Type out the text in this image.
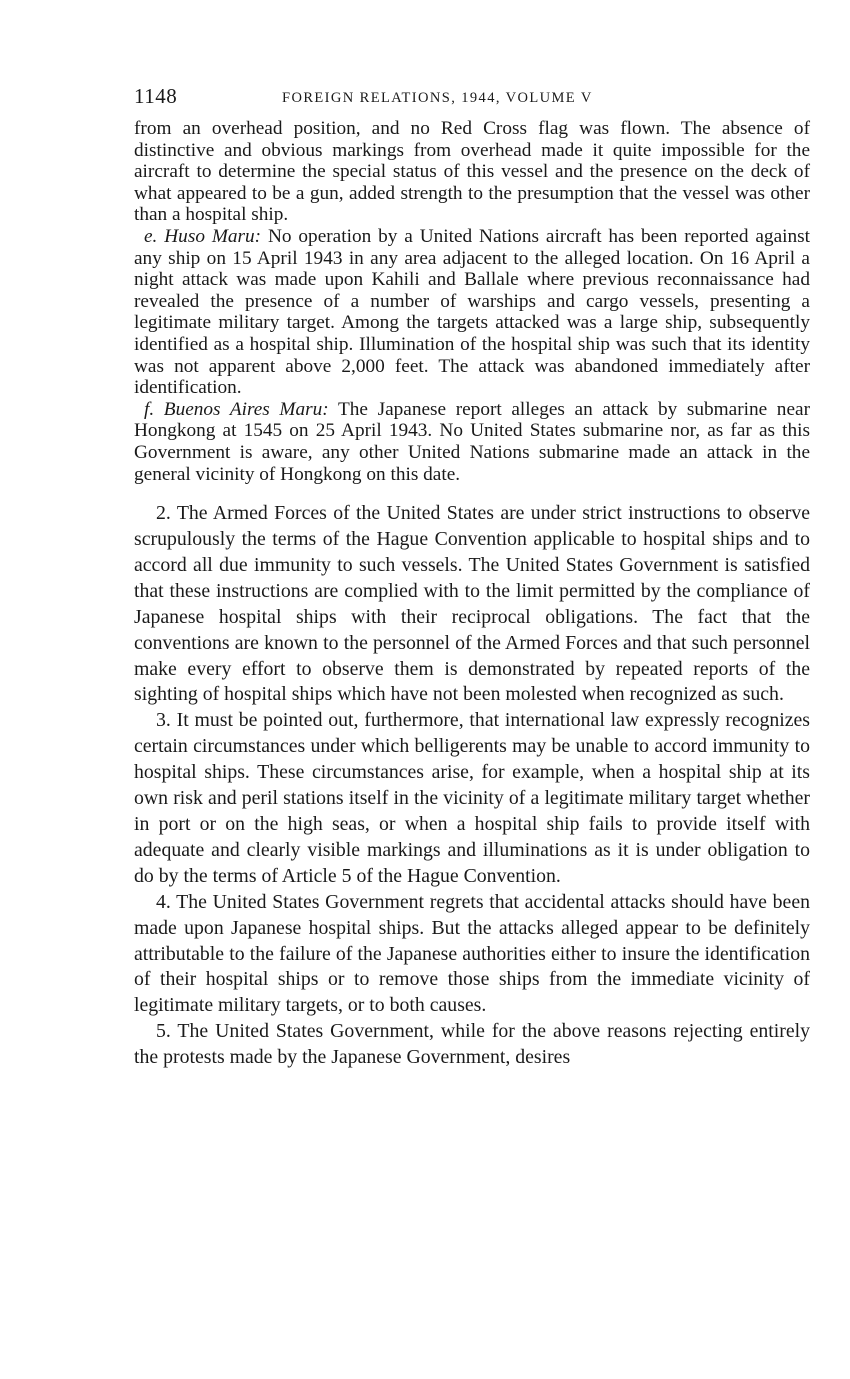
1148	FOREIGN RELATIONS, 1944, VOLUME V

from an overhead position, and no Red Cross flag was flown. The absence of distinctive and obvious markings from overhead made it quite impossible for the aircraft to determine the special status of this vessel and the presence on the deck of what appeared to be a gun, added strength to the presumption that the vessel was other than a hospital ship.

e. Huso Maru: No operation by a United Nations aircraft has been reported against any ship on 15 April 1943 in any area adjacent to the alleged location. On 16 April a night attack was made upon Kahili and Ballale where previous reconnaissance had revealed the presence of a number of warships and cargo vessels, presenting a legitimate military target. Among the targets attacked was a large ship, subsequently identified as a hospital ship. Illumination of the hospital ship was such that its identity was not apparent above 2,000 feet. The attack was abandoned immediately after identification.

f. Buenos Aires Maru: The Japanese report alleges an attack by submarine near Hongkong at 1545 on 25 April 1943. No United States submarine nor, as far as this Government is aware, any other United Nations submarine made an attack in the general vicinity of Hongkong on this date.

2. The Armed Forces of the United States are under strict instructions to observe scrupulously the terms of the Hague Convention applicable to hospital ships and to accord all due immunity to such vessels. The United States Government is satisfied that these instructions are complied with to the limit permitted by the compliance of Japanese hospital ships with their reciprocal obligations. The fact that the conventions are known to the personnel of the Armed Forces and that such personnel make every effort to observe them is demonstrated by repeated reports of the sighting of hospital ships which have not been molested when recognized as such.

3. It must be pointed out, furthermore, that international law expressly recognizes certain circumstances under which belligerents may be unable to accord immunity to hospital ships. These circumstances arise, for example, when a hospital ship at its own risk and peril stations itself in the vicinity of a legitimate military target whether in port or on the high seas, or when a hospital ship fails to provide itself with adequate and clearly visible markings and illuminations as it is under obligation to do by the terms of Article 5 of the Hague Convention.

4. The United States Government regrets that accidental attacks should have been made upon Japanese hospital ships. But the attacks alleged appear to be definitely attributable to the failure of the Japanese authorities either to insure the identification of their hospital ships or to remove those ships from the immediate vicinity of legitimate military targets, or to both causes.

5. The United States Government, while for the above reasons rejecting entirely the protests made by the Japanese Government, desires
